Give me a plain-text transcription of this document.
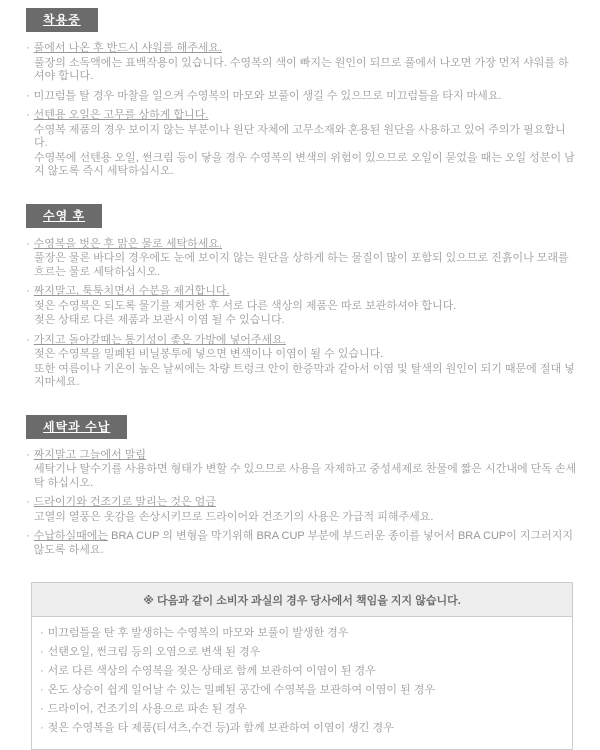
착용중
· 풀에서 나온 후 반드시 샤워를 해주세요.
풀장의 소독액에는 표백작용이 있습니다. 수영복의 색이 빠지는 원인이 되므로 풀에서 나오면 가장 먼저 샤워를 하셔야 합니다.
· 미끄럼틀 탈 경우 마찰을 일으켜 수영복의 마모와 보풀이 생길 수 있으므로 미끄럼틀을 타지 마세요.
· 선텐용 오일은 고무를 상하게 합니다.
수영복 제품의 경우 보이지 않는 부분이나 원단 자체에 고무소재와 혼용된 원단을 사용하고 있어 주의가 필요합니다.
수영복에 선텐용 오일, 썬크림 등이 닿을 경우 수영복의 변색의 위험이 있으므로 오일이 묻었을 때는 오일 성분이 남지 않도록 즉시 세탁하십시오.
수영 후
· 수영복을 벗은 후 맑은 물로 세탁하세요.
풀장은 물론 바다의 경우에도 눈에 보이지 않는 원단을 상하게 하는 물질이 많이 포함되 있으므로 진흙이나 모래를 흐르는 물로 세탁하십시오.
· 짜지말고, 툭툭치면서 수분을 제거합니다.
젖은 수영복은 되도록 물기를 제거한 후 서로 다른 색상의 제품은 따로 보관하셔야 합니다.
젖은 상태로 다른 제품과 보관시 이염 될 수 있습니다.
· 가지고 돌아갈때는 통기성이 좋은 가방에 넣어주세요.
젖은 수영복을 밀폐된 비닐봉투에 넣으면 변색이나 이염이 될 수 있습니다.
또한 여름이나 기온이 높은 날씨에는 차량 트렁크 안이 한증막과 같아서 이염 및 탈색의 원인이 되기 때문에 절대 넣지마세요.
세탁과 수납
· 짜지말고 그늘에서 말림
세탁기나 탈수기를 사용하면 형태가 변할 수 있으므로 사용을 자제하고 중성세제로 찬물에 짧은 시간내에 단독 손세탁 하십시오.
· 드라이기와 건조기로 말리는 것은 엄금
고열의 열풍은 옷감을 손상시키므로 드라이어와 건조기의 사용은 가급적 피해주세요.
· 수납하실때에는 BRA CUP 의 변형을 막기위해 BRA CUP 부분에 부드러운 종이를 넣어서 BRA CUP이 지그러지지 않도록 하세요.
※ 다음과 같이 소비자 과실의 경우 당사에서 책임을 지지 않습니다.
· 미끄럼틀을 탄 후 발생하는 수영복의 마모와 보풀이 발생한 경우
· 선탠오일, 썬크림 등의 오염으로 변색 된 경우
· 서로 다른 색상의 수영복을 젖은 상태로 함께 보관하여 이염이 된 경우
· 온도 상승이 쉽게 일어날 수 있는 밀폐된 공간에 수영복을 보관하여 이염이 된 경우
· 드라이어, 건조기의 사용으로 파손 된 경우
· 젖은 수영복을 타 제품(티셔츠,수건 등)과 함께 보관하여 이염이 생긴 경우
